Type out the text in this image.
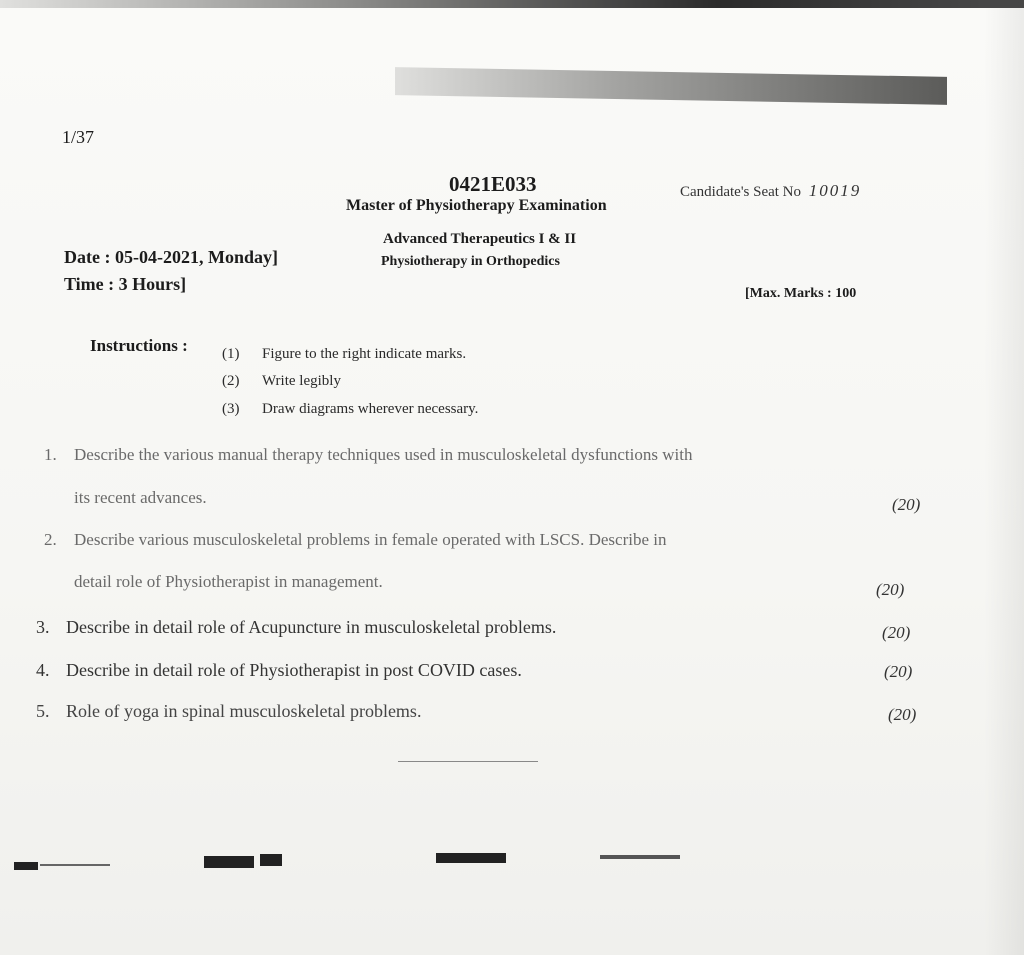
1/37
0421E033	Candidate's Seat No 10019
Master of Physiotherapy Examination
Advanced Therapeutics I & II
Physiotherapy in Orthopedics
Date : 05-04-2021, Monday]
Time : 3 Hours]	[Max. Marks : 100
Instructions : (1) Figure to the right indicate marks.
(2) Write legibly
(3) Draw diagrams wherever necessary.
1. Describe the various manual therapy techniques used in musculoskeletal dysfunctions with
its recent advances.	(20)
2. Describe various musculoskeletal problems in female operated with LSCS. Describe in
detail role of Physiotherapist in management.	(20)
3. Describe in detail role of Acupuncture in musculoskeletal problems.	(20)
4. Describe in detail role of Physiotherapist in post COVID cases.	(20)
5. Role of yoga in spinal musculoskeletal problems.	(20)
